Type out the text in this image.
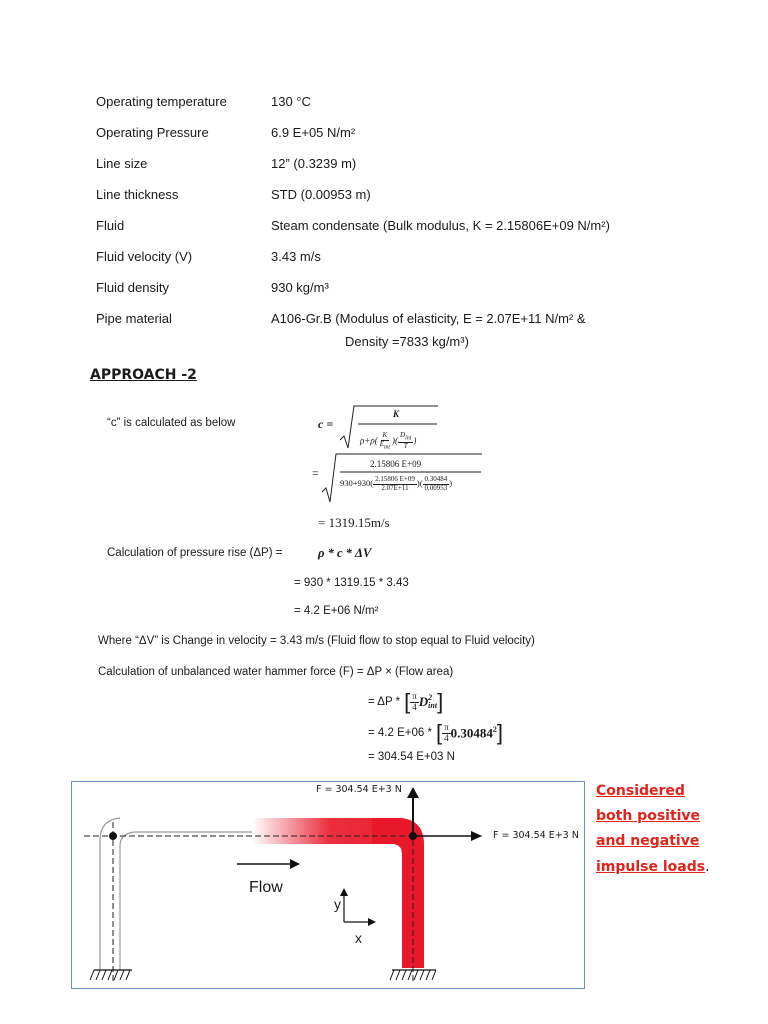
Operating temperature	130 °C
Operating Pressure	6.9 E+05 N/m²
Line size	12” (0.3239 m)
Line thickness	STD (0.00953 m)
Fluid	Steam condensate (Bulk modulus, K = 2.15806E+09 N/m²)
Fluid velocity (V)	3.43 m/s
Fluid density	930 kg/m³
Pipe material	A106-Gr.B (Modulus of elasticity, E = 2.07E+11 N/m² &
Density =7833 kg/m³)
APPROACH -2
“c” is calculated as below	c =
K
$\rho+\rho( \frac{K}{E_{mt}}$ )( $\frac{D_{int}}{T}$ )
=
2.15806 E+09
$930+930( \frac{2.15806 E+09}{2.07E+11}$ )( $\frac{0.30484}{0.00953}$ )
= 1319.15m/s
Calculation of pressure rise (ΔP) =	ρ * c * ΔV
= 930 * 1319.15 * 3.43
= 4.2 E+06 N/m²
Where “ΔV” is Change in velocity = 3.43 m/s (Fluid flow to stop equal to Fluid velocity)
Calculation of unbalanced water hammer force (F) = ΔP × (Flow area)
= ΔP * [ $\frac{\pi}{4}$ D 2
int ]
= 4.2 E+06 * [ $\frac{\pi}{4} 0.30484^2$ ]
= 304.54 E+03 N
F = 304.54 E+3 N
F = 304.54 E+3 N
Flow
y
x
Considered
both positive
and negative
impulse loads.
